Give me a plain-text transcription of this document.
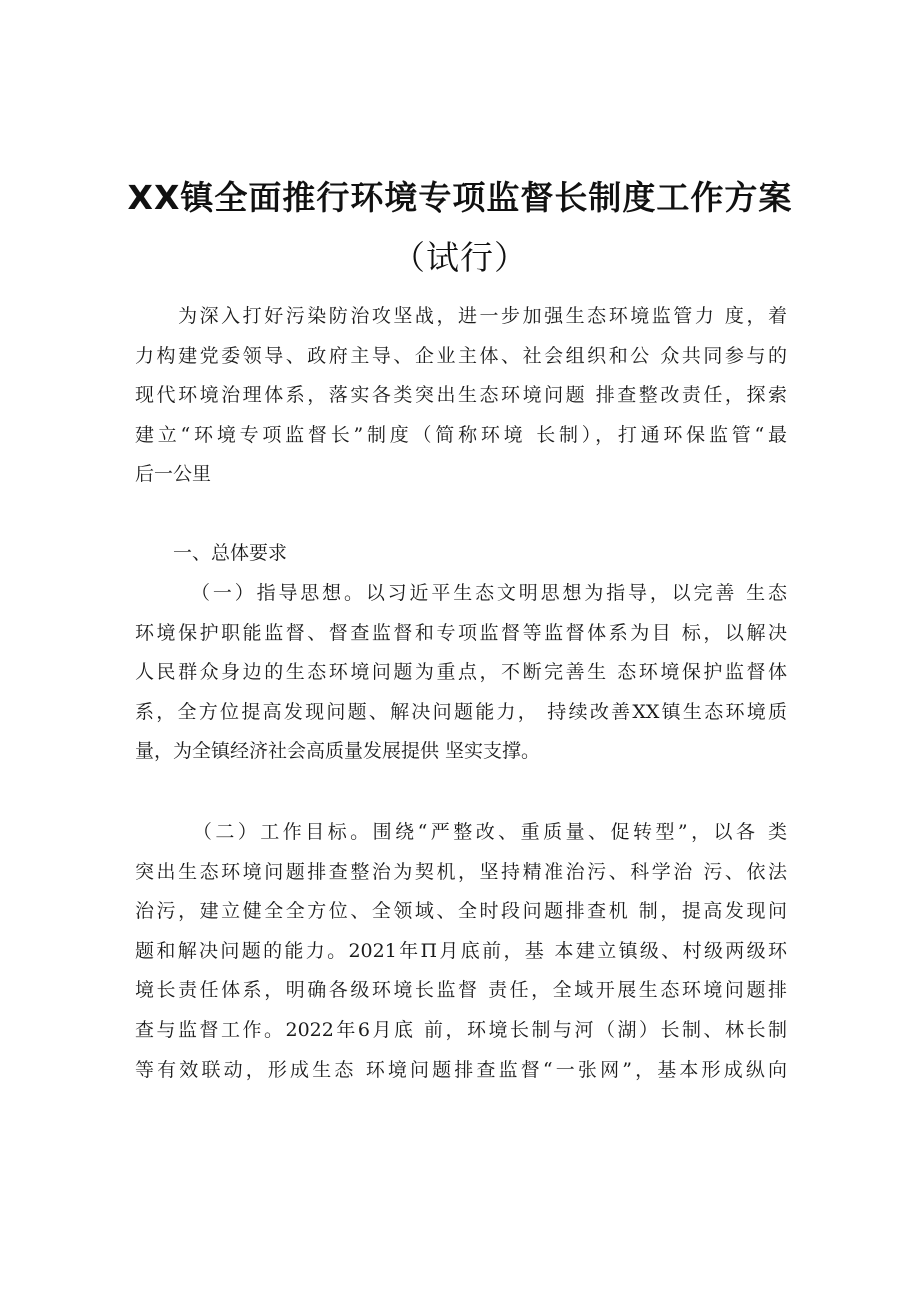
XX镇全面推行环境专项监督长制度工作方案
（试行）
　　为深入打好污染防治攻坚战，进一步加强生态环境监管力 度，着
力构建党委领导、政府主导、企业主体、社会组织和公 众共同参与的
现代环境治理体系，落实各类突出生态环境问题 排查整改责任，探索
建立“环境专项监督长”制度（简称环境 长制），打通环保监管“最
后一公里
　　一、总体要求
　　　（一）指导思想。以习近平生态文明思想为指导，以完善 生态
环境保护职能监督、督查监督和专项监督等监督体系为目 标，以解决
人民群众身边的生态环境问题为重点，不断完善生 态环境保护监督体
系，全方位提高发现问题、解决问题能力， 持续改善XX镇生态环境质
量，为全镇经济社会高质量发展提供 坚实支撑。
　　　（二）工作目标。围绕“严整改、重质量、促转型”，以各 类
突出生态环境问题排查整治为契机，坚持精准治污、科学治 污、依法
治污，建立健全全方位、全领域、全时段问题排查机 制，提高发现问
题和解决问题的能力。2021年П月底前，基 本建立镇级、村级两级环
境长责任体系，明确各级环境长监督 责任，全域开展生态环境问题排
查与监督工作。2022年6月底 前，环境长制与河（湖）长制、林长制
等有效联动，形成生态 环境问题排查监督“一张网”，基本形成纵向
